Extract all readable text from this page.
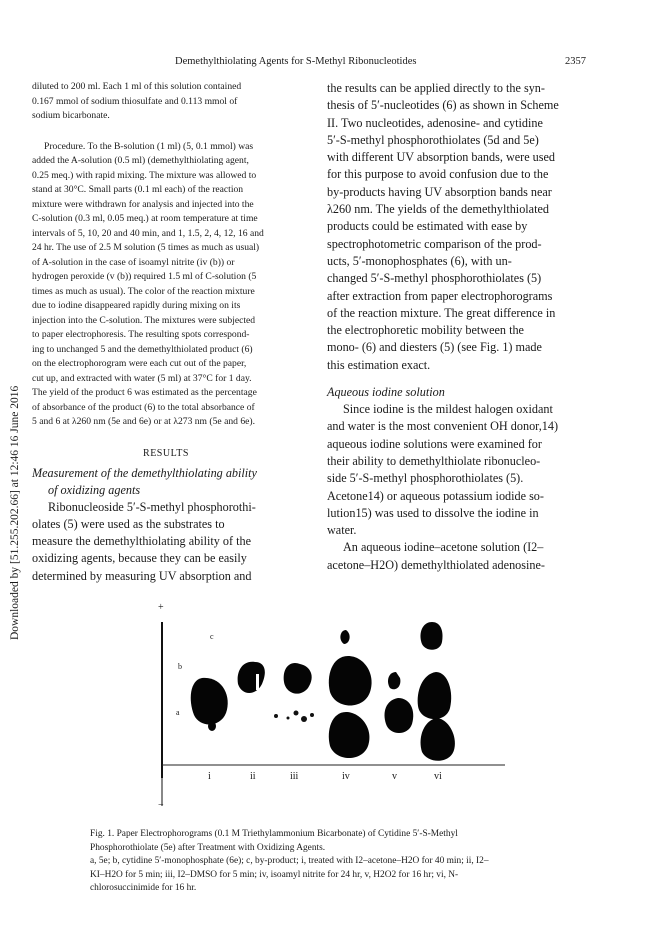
Demethylthiolating Agents for S-Methyl Ribonucleotides	2357
Downloaded by [51.255.202.66] at 12:46 16 June 2016

diluted to 200 ml. Each 1 ml of this solution contained

0.167 mmol of sodium thiosulfate and 0.113 mmol of

sodium bicarbonate.

Procedure. To the B-solution (1 ml) (5, 0.1 mmol) was

added the A-solution (0.5 ml) (demethylthiolating agent,

0.25 meq.) with rapid mixing. The mixture was allowed to

stand at 30°C. Small parts (0.1 ml each) of the reaction

mixture were withdrawn for analysis and injected into the

C-solution (0.3 ml, 0.05 meq.) at room temperature at time

intervals of 5, 10, 20 and 40 min, and 1, 1.5, 2, 4, 12, 16 and

24 hr. The use of 2.5 M solution (5 times as much as usual)

of A-solution in the case of isoamyl nitrite (iv (b)) or

hydrogen peroxide (v (b)) required 1.5 ml of C-solution (5

times as much as usual). The color of the reaction mixture

due to iodine disappeared rapidly during mixing on its

injection into the C-solution. The mixtures were subjected

to paper electrophoresis. The resulting spots correspond-

ing to unchanged 5 and the demethylthiolated product (6)

on the electrophorogram were each cut out of the paper,

cut up, and extracted with water (5 ml) at 37°C for 1 day.

The yield of the product 6 was estimated as the percentage

of absorbance of the product (6) to the total absorbance of

5 and 6 at λ260 nm (5e and 6e) or at λ273 nm (5e and 6e).

RESULTS

Measurement of the demethylthiolating ability

of oxidizing agents

Ribonucleoside 5′-S-methyl phosphorothi-

olates (5) were used as the substrates to

measure the demethylthiolating ability of the

oxidizing agents, because they can be easily

determined by measuring UV absorption and

the results can be applied directly to the syn-

thesis of 5′-nucleotides (6) as shown in Scheme

II. Two nucleotides, adenosine- and cytidine

5′-S-methyl phosphorothiolates (5d and 5e)

with different UV absorption bands, were used

for this purpose to avoid confusion due to the

by-products having UV absorption bands near

λ260 nm. The yields of the demethylthiolated

products could be estimated with ease by

spectrophotometric comparison of the prod-

ucts, 5′-monophosphates (6), with un-

changed 5′-S-methyl phosphorothiolates (5)

after extraction from paper electrophorograms

of the reaction mixture. The great difference in

the electrophoretic mobility between the

mono- (6) and diesters (5) (see Fig. 1) made

this estimation exact.

Aqueous iodine solution

Since iodine is the mildest halogen oxidant

and water is the most convenient OH donor,14)

aqueous iodine solutions were examined for

their ability to demethylthiolate ribonucleo-

side 5′-S-methyl phosphorothiolates (5).

Acetone14) or aqueous potassium iodide so-

lution15) was used to dissolve the iodine in

water.

An aqueous iodine–acetone solution (I2–

acetone–H2O) demethylthiolated adenosine-

+
−
a
b
c
i	ii	iii	iv	v	vi

Fig. 1. Paper Electrophorograms (0.1 M Triethylammonium Bicarbonate) of Cytidine 5′-S-Methyl

Phosphorothiolate (5e) after Treatment with Oxidizing Agents.

a, 5e; b, cytidine 5′-monophosphate (6e); c, by-product; i, treated with I2–acetone–H2O for 40 min; ii, I2–

KI–H2O for 5 min; iii, I2–DMSO for 5 min; iv, isoamyl nitrite for 24 hr, v, H2O2 for 16 hr; vi, N-

chlorosuccinimide for 16 hr.
